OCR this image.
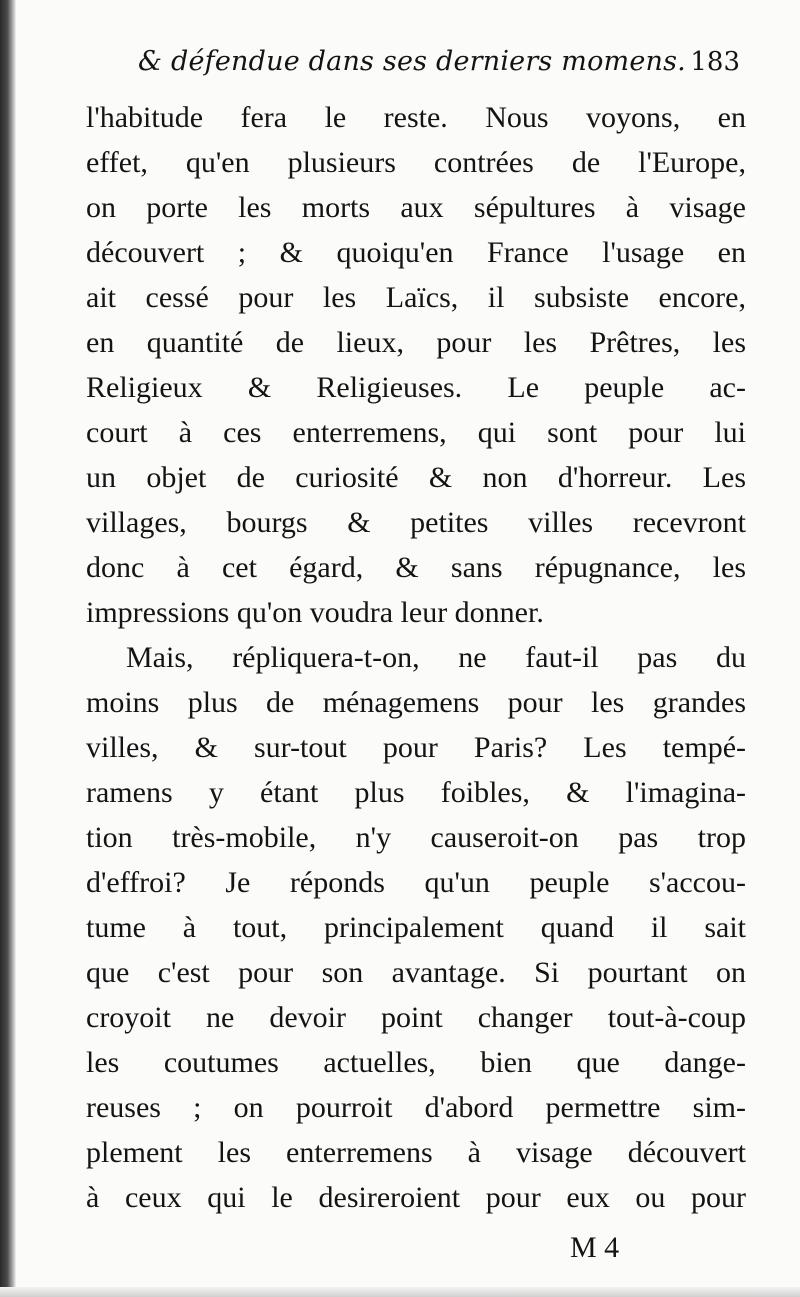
& défendue dans ses derniers momens. 183
l'habitude fera le reste. Nous voyons, en
effet, qu'en plusieurs contrées de l'Europe,
on porte les morts aux sépultures à visage
découvert ; & quoiqu'en France l'usage en
ait cessé pour les Laïcs, il subsiste encore,
en quantité de lieux, pour les Prêtres, les
Religieux & Religieuses. Le peuple ac-
court à ces enterremens, qui sont pour lui
un objet de curiosité & non d'horreur. Les
villages, bourgs & petites villes recevront
donc à cet égard, & sans répugnance, les
impressions qu'on voudra leur donner.
Mais, répliquera-t-on, ne faut-il pas du
moins plus de ménagemens pour les grandes
villes, & sur-tout pour Paris? Les tempé-
ramens y étant plus foibles, & l'imagina-
tion très-mobile, n'y causeroit-on pas trop
d'effroi? Je réponds qu'un peuple s'accou-
tume à tout, principalement quand il sait
que c'est pour son avantage. Si pourtant on
croyoit ne devoir point changer tout-à-coup
les coutumes actuelles, bien que dange-
reuses ; on pourroit d'abord permettre sim-
plement les enterremens à visage découvert
à ceux qui le desireroient pour eux ou pour
M 4
